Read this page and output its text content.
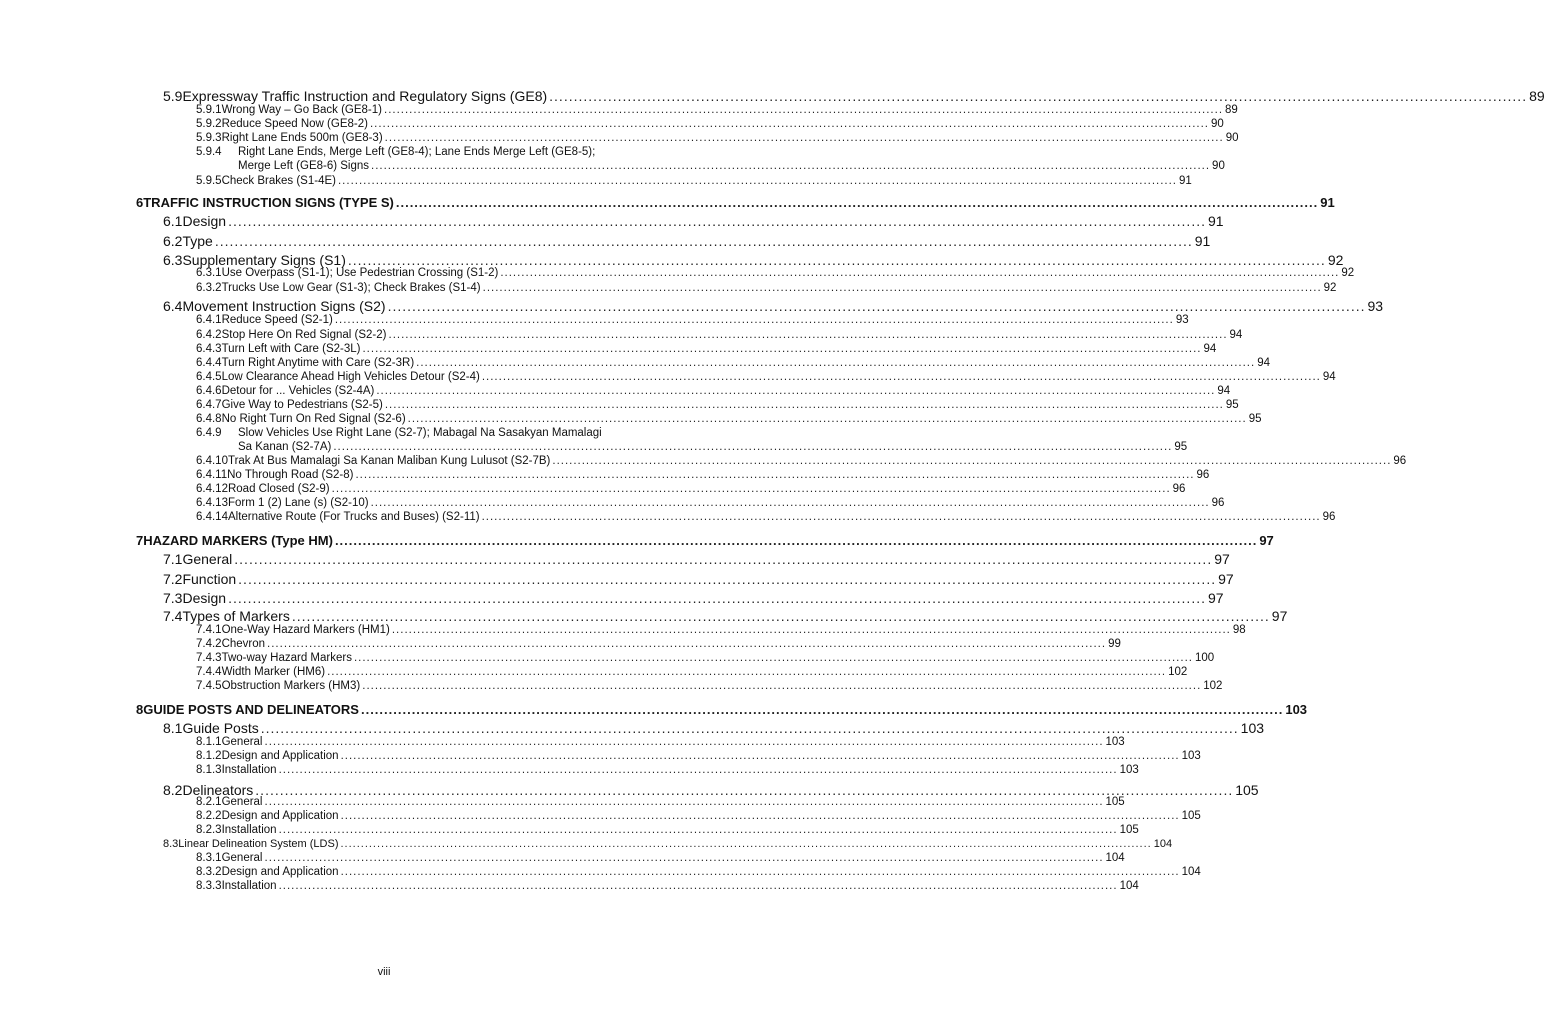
5.9 Expressway Traffic Instruction and Regulatory Signs (GE8) ........................................................................................................................................................................................................ 89
5.9.1 Wrong Way – Go Back (GE8-1) ........................................................................................................................................................................................................ 89
5.9.2 Reduce Speed Now (GE8-2) ........................................................................................................................................................................................................ 90
5.9.3 Right Lane Ends 500m (GE8-3) ........................................................................................................................................................................................................ 90
5.9.4	Right Lane Ends, Merge Left (GE8-4); Lane Ends Merge Left (GE8-5);
Merge Left (GE8-6) Signs ........................................................................................................................................................................................................ 90
5.9.5 Check Brakes (S1-4E) ........................................................................................................................................................................................................ 91
6 TRAFFIC INSTRUCTION SIGNS (TYPE S) ........................................................................................................................................................................................................ 91
6.1 Design ........................................................................................................................................................................................................ 91
6.2 Type ........................................................................................................................................................................................................ 91
6.3 Supplementary Signs (S1) ........................................................................................................................................................................................................ 92
6.3.1 Use Overpass (S1-1); Use Pedestrian Crossing (S1-2) ........................................................................................................................................................................................................ 92
6.3.2 Trucks Use Low Gear (S1-3); Check Brakes (S1-4) ........................................................................................................................................................................................................ 92
6.4 Movement Instruction Signs (S2) ........................................................................................................................................................................................................ 93
6.4.1 Reduce Speed (S2-1) ........................................................................................................................................................................................................ 93
6.4.2 Stop Here On Red Signal (S2-2) ........................................................................................................................................................................................................ 94
6.4.3 Turn Left with Care (S2-3L) ........................................................................................................................................................................................................ 94
6.4.4 Turn Right Anytime with Care (S2-3R) ........................................................................................................................................................................................................ 94
6.4.5 Low Clearance Ahead High Vehicles Detour (S2-4) ........................................................................................................................................................................................................ 94
6.4.6 Detour for ... Vehicles (S2-4A) ........................................................................................................................................................................................................ 94
6.4.7 Give Way to Pedestrians (S2-5) ........................................................................................................................................................................................................ 95
6.4.8 No Right Turn On Red Signal (S2-6) ........................................................................................................................................................................................................ 95
6.4.9	Slow Vehicles Use Right Lane (S2-7); Mabagal Na Sasakyan Mamalagi
Sa Kanan (S2-7A) ........................................................................................................................................................................................................ 95
6.4.10 Trak At Bus Mamalagi Sa Kanan Maliban Kung Lulusot (S2-7B) ........................................................................................................................................................................................................ 96
6.4.11 No Through Road (S2-8) ........................................................................................................................................................................................................ 96
6.4.12 Road Closed (S2-9) ........................................................................................................................................................................................................ 96
6.4.13 Form 1 (2) Lane (s) (S2-10) ........................................................................................................................................................................................................ 96
6.4.14 Alternative Route (For Trucks and Buses) (S2-11) ........................................................................................................................................................................................................ 96
7 HAZARD MARKERS (Type HM) ........................................................................................................................................................................................................ 97
7.1 General ........................................................................................................................................................................................................ 97
7.2 Function ........................................................................................................................................................................................................ 97
7.3 Design ........................................................................................................................................................................................................ 97
7.4 Types of Markers ........................................................................................................................................................................................................ 97
7.4.1 One-Way Hazard Markers (HM1) ........................................................................................................................................................................................................ 98
7.4.2 Chevron ........................................................................................................................................................................................................ 99
7.4.3 Two-way Hazard Markers ........................................................................................................................................................................................................ 100
7.4.4 Width Marker (HM6) ........................................................................................................................................................................................................ 102
7.4.5 Obstruction Markers (HM3) ........................................................................................................................................................................................................ 102
8 GUIDE POSTS AND DELINEATORS ........................................................................................................................................................................................................ 103
8.1 Guide Posts ........................................................................................................................................................................................................ 103
8.1.1 General ........................................................................................................................................................................................................ 103
8.1.2 Design and Application ........................................................................................................................................................................................................ 103
8.1.3 Installation ........................................................................................................................................................................................................ 103
8.2 Delineators ........................................................................................................................................................................................................ 105
8.2.1 General ........................................................................................................................................................................................................ 105
8.2.2 Design and Application ........................................................................................................................................................................................................ 105
8.2.3 Installation ........................................................................................................................................................................................................ 105
8.3 Linear Delineation System (LDS) ........................................................................................................................................................................................................ 104
8.3.1 General ........................................................................................................................................................................................................ 104
8.3.2 Design and Application ........................................................................................................................................................................................................ 104
8.3.3 Installation ........................................................................................................................................................................................................ 104
viii
